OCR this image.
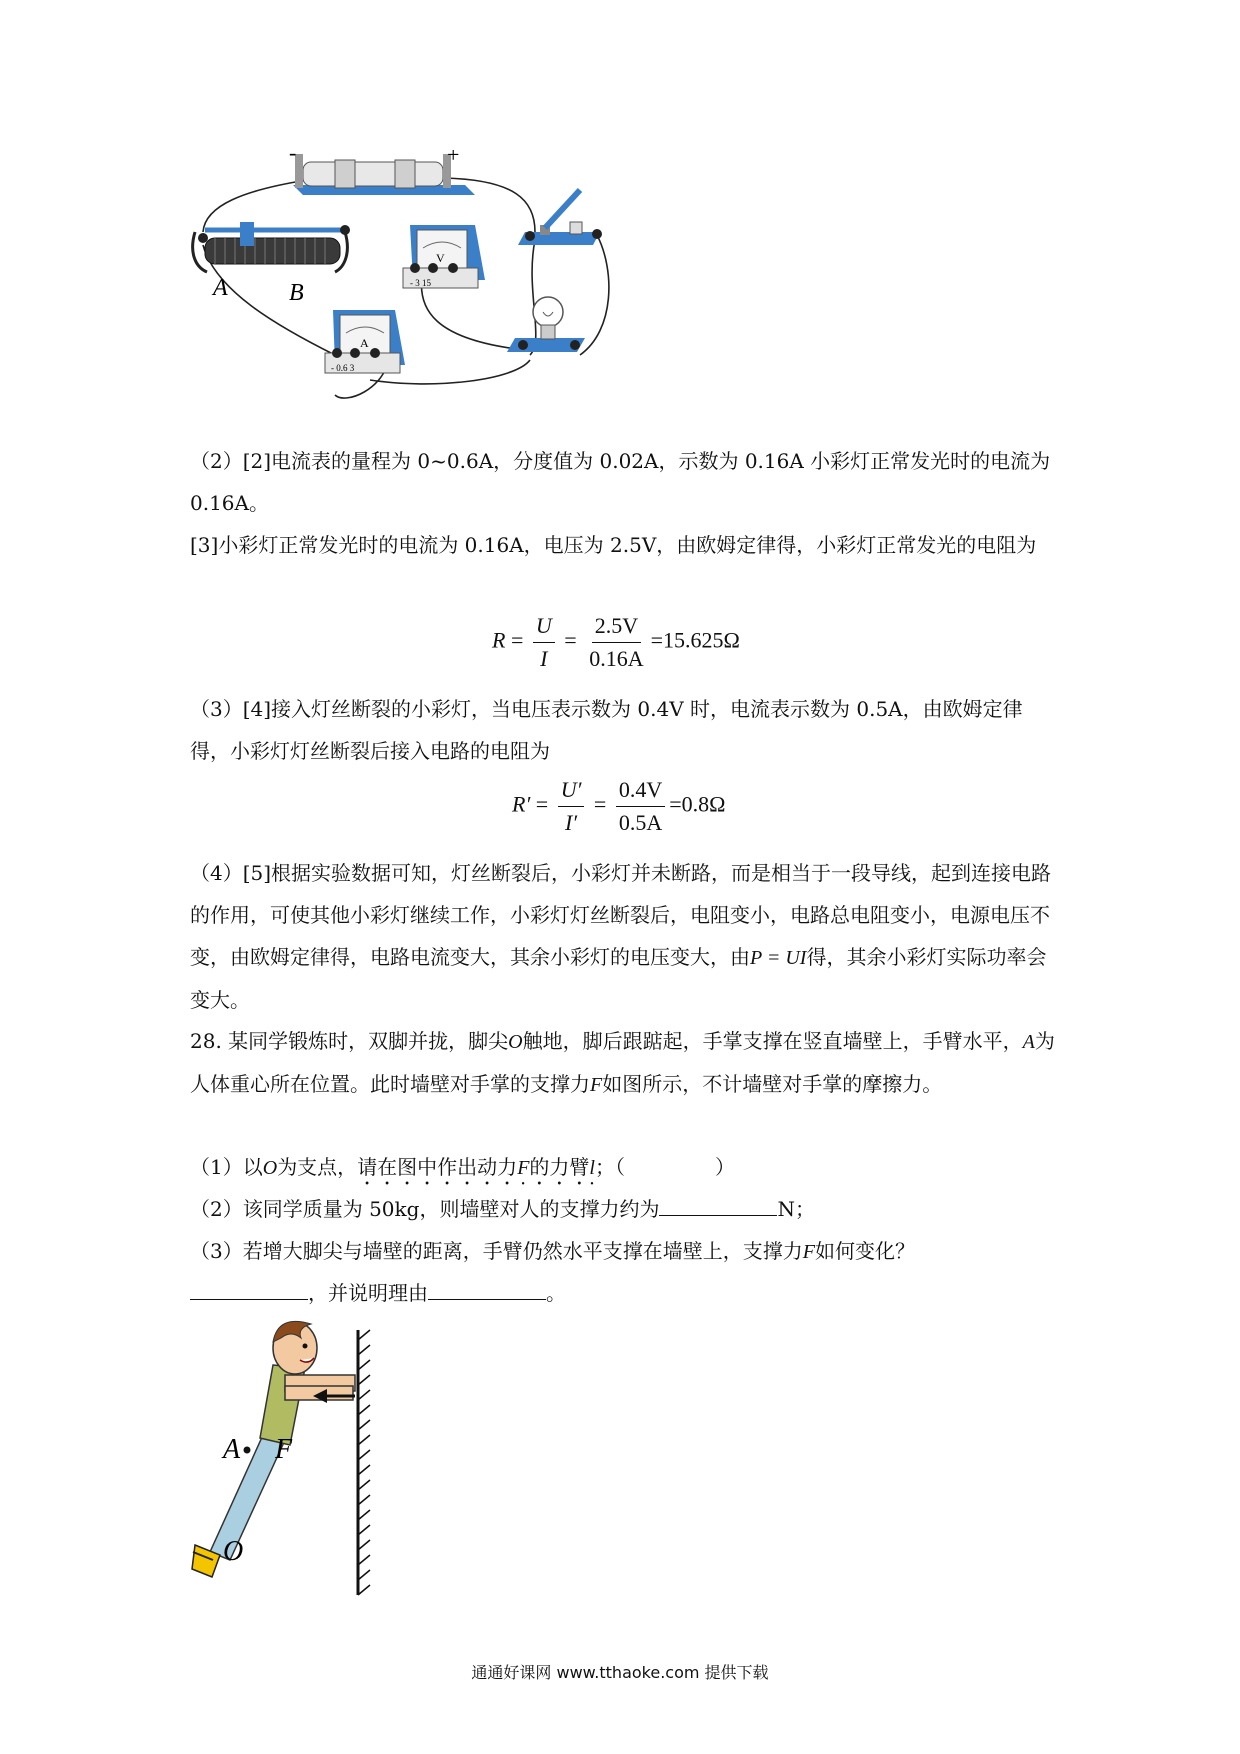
-	+
A	B
V
- 3 15
A
- 0.6 3

（2）[2]电流表的量程为 0~0.6A，分度值为 0.02A，示数为 0.16A 小彩灯正常发光时的电流为 0.16A。

[3]小彩灯正常发光时的电流为 0.16A，电压为 2.5V，由欧姆定律得，小彩灯正常发光的电阻为

$R = \frac{U}{I} = \frac{2.5V}{0.16A} =15.625\Omega$

（3）[4]接入灯丝断裂的小彩灯，当电压表示数为 0.4V 时，电流表示数为 0.5A，由欧姆定律得，小彩灯灯丝断裂后接入电路的电阻为

$R' = \frac{U'}{I'} = \frac{0.4V}{0.5A} =0.8\Omega$

（4）[5]根据实验数据可知，灯丝断裂后，小彩灯并未断路，而是相当于一段导线，起到连接电路的作用，可使其他小彩灯继续工作，小彩灯灯丝断裂后，电阻变小，电路总电阻变小，电源电压不变，由欧姆定律得，电路电流变大，其余小彩灯的电压变大，由P = UI得，其余小彩灯实际功率会变大。

28. 某同学锻炼时，双脚并拢，脚尖O触地，脚后跟踮起，手掌支撑在竖直墙壁上，手臂水平，A为人体重心所在位置。此时墙壁对手掌的支撑力F如图所示，不计墙壁对手掌的摩擦力。

（1）以O为支点，请在图中作出动力F的力臂l；（	）

（2）该同学质量为 50kg，则墙壁对人的支撑力约为	N；

（3）若增大脚尖与墙壁的距离，手臂仍然水平支撑在墙壁上，支撑力F如何变化？

，并说明理由	。

A F
O
通通好课网 www.tthaoke.com 提供下载
